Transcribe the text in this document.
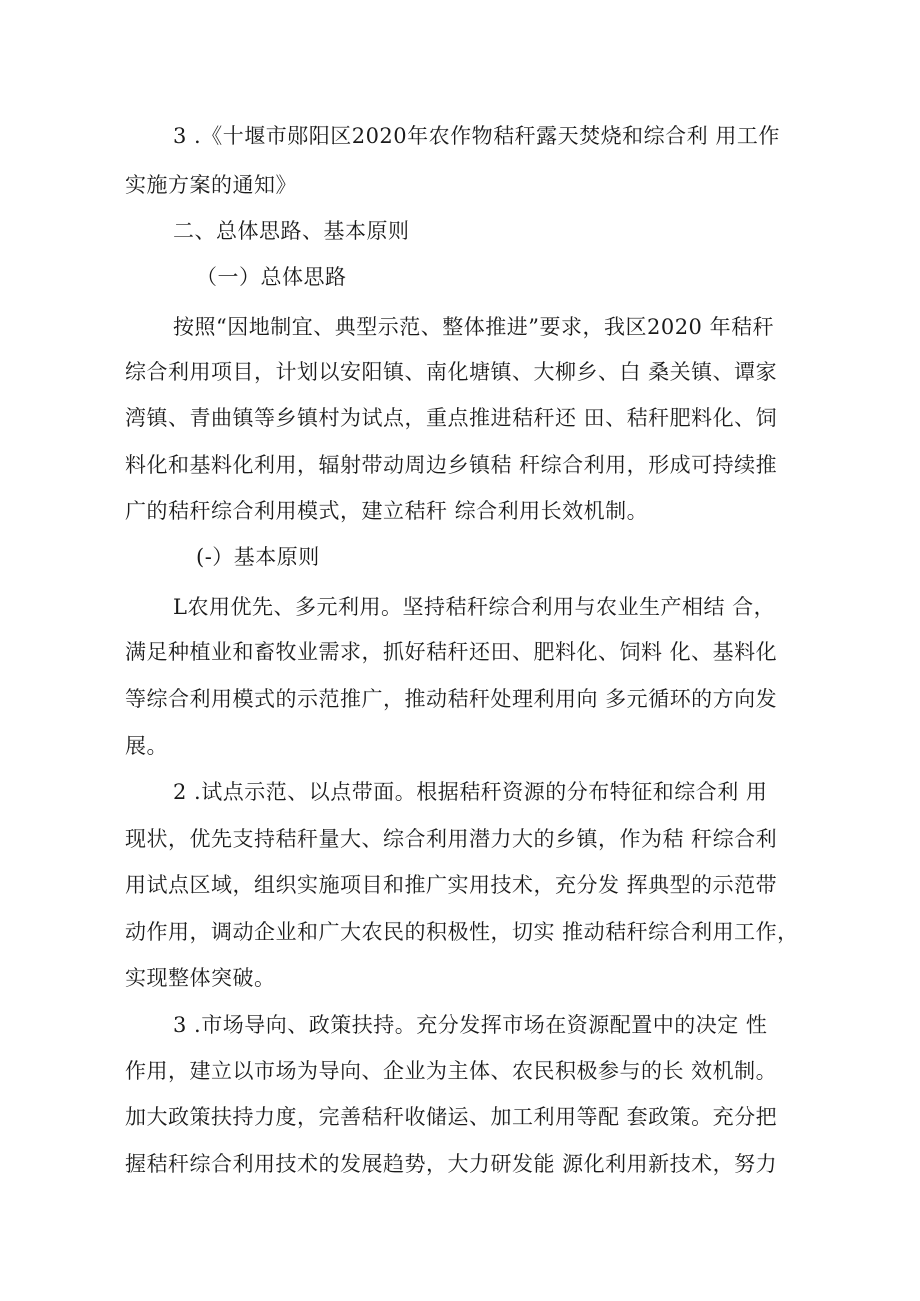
3 .《十堰市郧阳区2020年农作物秸秆露天焚烧和综合利 用工作
实施方案的通知》
二、总体思路、基本原则
（一）总体思路
按照“因地制宜、典型示范、整体推进”要求，我区2020 年秸秆
综合利用项目，计划以安阳镇、南化塘镇、大柳乡、白 桑关镇、谭家
湾镇、青曲镇等乡镇村为试点，重点推进秸秆还 田、秸秆肥料化、饲
料化和基料化利用，辐射带动周边乡镇秸 秆综合利用，形成可持续推
广的秸秆综合利用模式，建立秸秆 综合利用长效机制。
(-）基本原则
L农用优先、多元利用。坚持秸秆综合利用与农业生产相结 合，
满足种植业和畜牧业需求，抓好秸秆还田、肥料化、饲料 化、基料化
等综合利用模式的示范推广，推动秸秆处理利用向 多元循环的方向发
展。
2 .试点示范、以点带面。根据秸秆资源的分布特征和综合利 用
现状，优先支持秸秆量大、综合利用潜力大的乡镇，作为秸 秆综合利
用试点区域，组织实施项目和推广实用技术，充分发 挥典型的示范带
动作用，调动企业和广大农民的积极性，切实 推动秸秆综合利用工作，
实现整体突破。
3 .市场导向、政策扶持。充分发挥市场在资源配置中的决定 性
作用，建立以市场为导向、企业为主体、农民积极参与的长 效机制。
加大政策扶持力度，完善秸秆收储运、加工利用等配 套政策。充分把
握秸秆综合利用技术的发展趋势，大力研发能 源化利用新技术，努力
